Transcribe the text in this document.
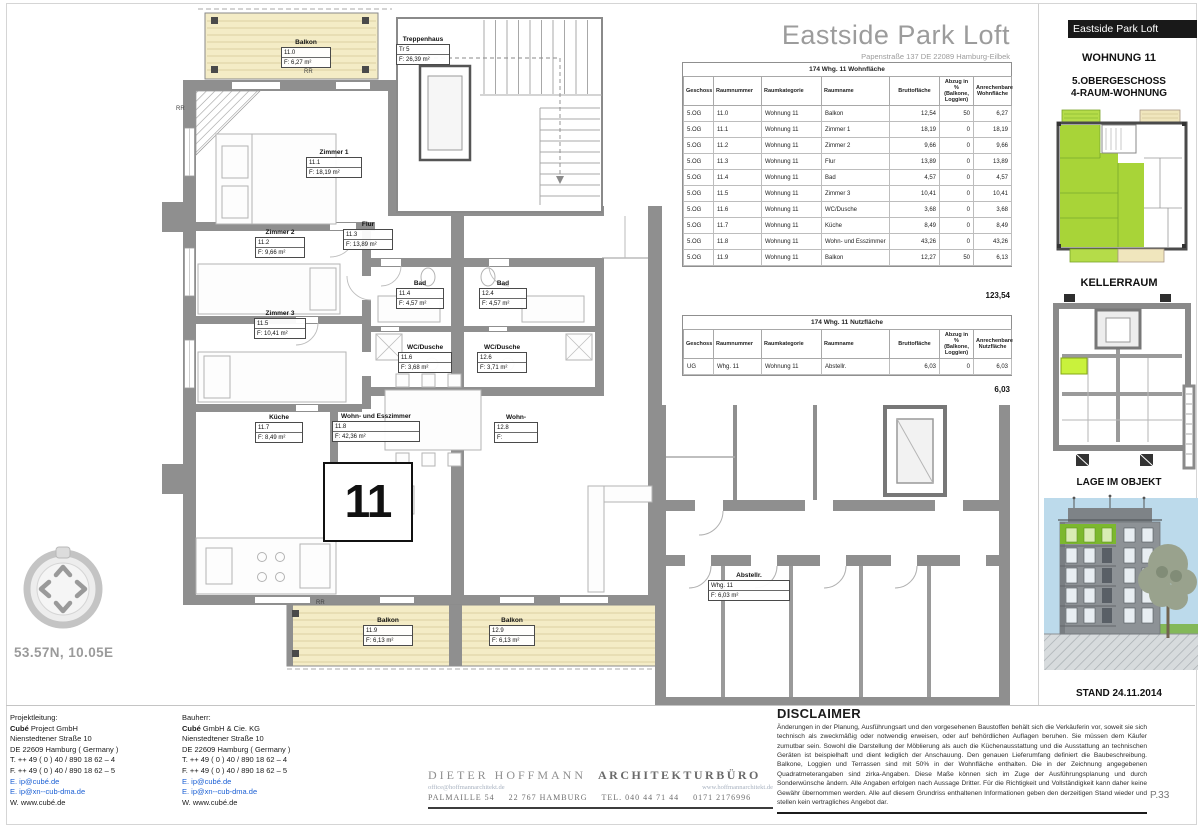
53.57N, 10.05E
11
RR
RR
RR
Balkon
11.0
F: 6,27 m²
Treppenhaus
Tr 5
F: 26,39 m²
Zimmer 1
11.1
F: 18,19 m²
Zimmer 2
11.2
F: 9,66 m²
Flur
11.3
F: 13,89 m²
Bad
11.4
F: 4,57 m²
Bad
12.4
F: 4,57 m²
Zimmer 3
11.5
F: 10,41 m²
WC/Dusche
11.6
F: 3,68 m²
WC/Dusche
12.6
F: 3,71 m²
Küche
11.7
F: 8,49 m²
Wohn- und Esszimmer
11.8
F: 42,36 m²
Wohn-
12.8
F:
Balkon
11.9
F: 6,13 m²
Balkon
12.9
F: 6,13 m²
Abstellr.
Whg. 11
F: 6,03 m²
Eastside Park Loft
Papenstraße 137 DE 22089 Hamburg-Eilbek
174 Whg. 11 Wohnfläche
Geschoss	Raumnummer	Raumkategorie	Raumname	Bruttofläche	Abzug in % (Balkone, Loggien)	Anrechenbare Wohnfläche
5.OG	11.0	Wohnung 11	Balkon	12,54	50	6,27
5.OG	11.1	Wohnung 11	Zimmer 1	18,19	0	18,19
5.OG	11.2	Wohnung 11	Zimmer 2	9,66	0	9,66
5.OG	11.3	Wohnung 11	Flur	13,89	0	13,89
5.OG	11.4	Wohnung 11	Bad	4,57	0	4,57
5.OG	11.5	Wohnung 11	Zimmer 3	10,41	0	10,41
5.OG	11.6	Wohnung 11	WC/Dusche	3,68	0	3,68
5.OG	11.7	Wohnung 11	Küche	8,49	0	8,49
5.OG	11.8	Wohnung 11	Wohn- und Esszimmer	43,26	0	43,26
5.OG	11.9	Wohnung 11	Balkon	12,27	50	6,13
123,54
174 Whg. 11 Nutzfläche
Geschoss	Raumnummer	Raumkategorie	Raumname	Bruttofläche	Abzug in % (Balkone, Loggien)	Anrechenbare Nutzfläche
UG	Whg. 11	Wohnung 11	Abstellr.	6,03	0	6,03
6,03
Eastside Park Loft
WOHNUNG 11
5.OBERGESCHOSS
4-RAUM-WOHNUNG
KELLERRAUM
LAGE IM OBJEKT
STAND 24.11.2014
Projektleitung:
Cubé Project GmbH
Nienstedtener Straße 10
DE 22609 Hamburg ( Germany )
T. ++ 49 ( 0 ) 40 / 890 18 62 – 4
F. ++ 49 ( 0 ) 40 / 890 18 62 – 5
E. ip@cubé.de
E. ip@xn--cub-dma.de
W. www.cubé.de
Bauherr:
Cubé GmbH & Cie. KG
Nienstedtener Straße 10
DE 22609 Hamburg ( Germany )
T. ++ 49 ( 0 ) 40 / 890 18 62 – 4
F. ++ 49 ( 0 ) 40 / 890 18 62 – 5
E. ip@cubé.de
E. ip@xn--cub-dma.de
W. www.cubé.de
DIETER HOFFMANN ARCHITEKTURBÜRO
office@hoffmannarchitekt.de	www.hoffmannarchitekt.de
PALMAILLE 54 22 767 HAMBURG TEL. 040 44 71 44 0171 2176996
DISCLAIMER
Änderungen in der Planung, Ausführungsart und den vorgesehenen Baustoffen behält sich die Verkäuferin vor, soweit sie sich technisch als zweckmäßig oder notwendig erweisen, oder auf behördlichen Auflagen beruhen. Sie müssen dem Käufer zumutbar sein. Sowohl die Darstellung der Möblierung als auch die Küchenausstattung und die Ausstattung an technischen Geräten ist beispielhaft und dient lediglich der Anschauung. Den genauen Lieferumfang definiert die Baubeschreibung. Balkone, Loggien und Terrassen sind mit 50% in der Wohnfläche enthalten. Die in der Zeichnung angegebenen Quadratmeterangaben sind zirka-Angaben. Diese Maße können sich im Zuge der Ausführungsplanung und durch Sonderwünsche ändern. Alle Angaben erfolgen nach Aussage Dritter. Für die Richtigkeit und Vollständigkeit kann daher keine Gewähr übernommen werden. Alle auf diesem Grundriss enthaltenen Informationen geben den derzeitigen Stand wieder und stellen kein vertragliches Angebot dar.
P.33
